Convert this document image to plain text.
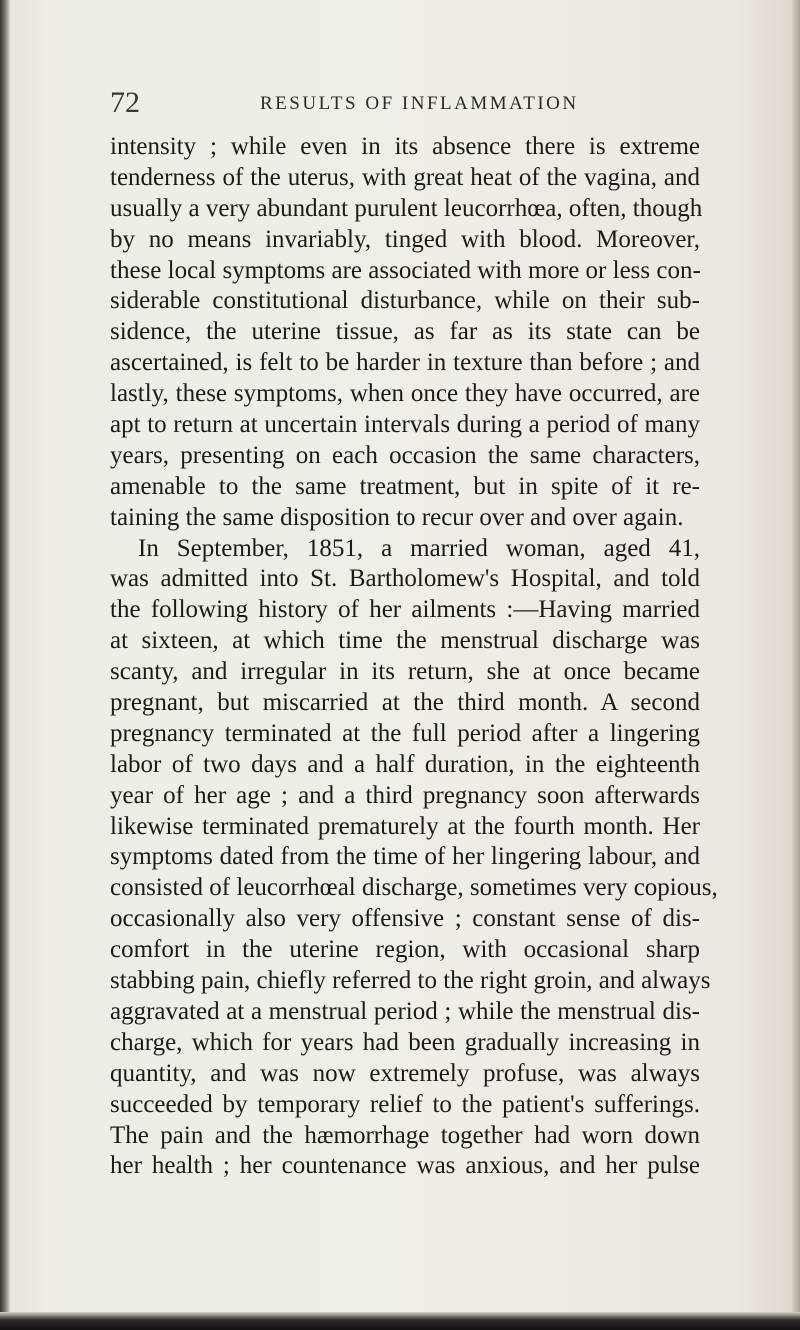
72	RESULTS OF INFLAMMATION
intensity ; while even in its absence there is extreme
tenderness of the uterus, with great heat of the vagina, and
usually a very abundant purulent leucorrhœa, often, though
by no means invariably, tinged with blood. Moreover,
these local symptoms are associated with more or less con-
siderable constitutional disturbance, while on their sub-
sidence, the uterine tissue, as far as its state can be
ascertained, is felt to be harder in texture than before ; and
lastly, these symptoms, when once they have occurred, are
apt to return at uncertain intervals during a period of many
years, presenting on each occasion the same characters,
amenable to the same treatment, but in spite of it re-
taining the same disposition to recur over and over again.
In September, 1851, a married woman, aged 41,
was admitted into St. Bartholomew's Hospital, and told
the following history of her ailments :—Having married
at sixteen, at which time the menstrual discharge was
scanty, and irregular in its return, she at once became
pregnant, but miscarried at the third month. A second
pregnancy terminated at the full period after a lingering
labor of two days and a half duration, in the eighteenth
year of her age ; and a third pregnancy soon afterwards
likewise terminated prematurely at the fourth month. Her
symptoms dated from the time of her lingering labour, and
consisted of leucorrhœal discharge, sometimes very copious,
occasionally also very offensive ; constant sense of dis-
comfort in the uterine region, with occasional sharp
stabbing pain, chiefly referred to the right groin, and always
aggravated at a menstrual period ; while the menstrual dis-
charge, which for years had been gradually increasing in
quantity, and was now extremely profuse, was always
succeeded by temporary relief to the patient's sufferings.
The pain and the hæmorrhage together had worn down
her health ; her countenance was anxious, and her pulse
